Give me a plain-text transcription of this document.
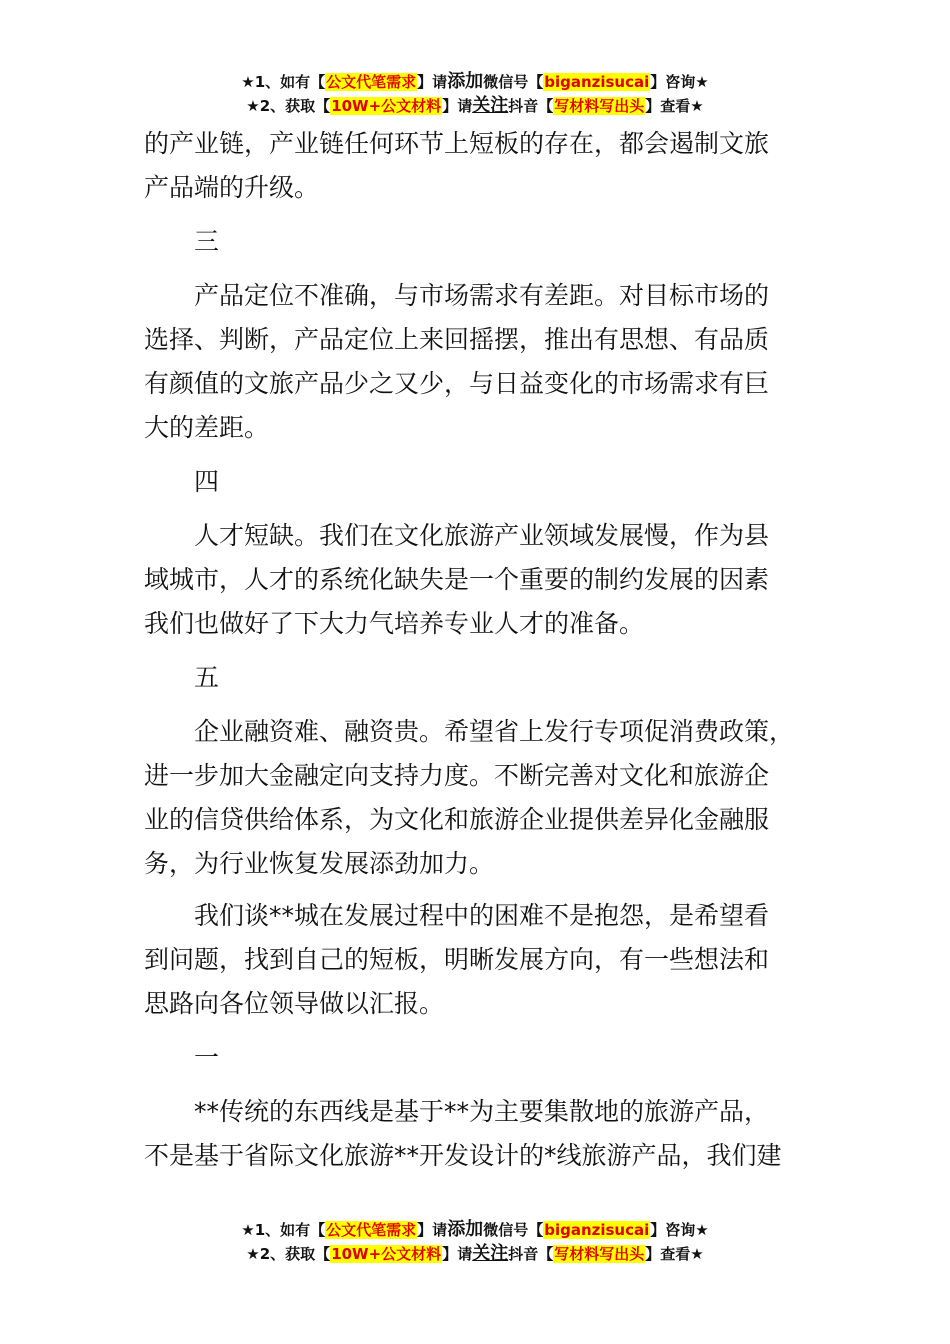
★1、如有【公文代笔需求】请添加微信号【biganzisucai】咨询★
★2、获取【10W+公文材料】请关注抖音【写材料写出头】查看★

的产业链，产业链任何环节上短板的存在，都会遏制文旅
产品端的升级。

三

产品定位不准确，与市场需求有差距。对目标市场的
选择、判断，产品定位上来回摇摆，推出有思想、有品质
有颜值的文旅产品少之又少，与日益变化的市场需求有巨
大的差距。

四

人才短缺。我们在文化旅游产业领域发展慢，作为县
域城市，人才的系统化缺失是一个重要的制约发展的因素
我们也做好了下大力气培养专业人才的准备。

五

企业融资难、融资贵。希望省上发行专项促消费政策，
进一步加大金融定向支持力度。不断完善对文化和旅游企
业的信贷供给体系，为文化和旅游企业提供差异化金融服
务，为行业恢复发展添劲加力。

我们谈**城在发展过程中的困难不是抱怨，是希望看
到问题，找到自己的短板，明晰发展方向，有一些想法和
思路向各位领导做以汇报。

一

**传统的东西线是基于**为主要集散地的旅游产品，
不是基于省际文化旅游**开发设计的*线旅游产品，我们建

★1、如有【公文代笔需求】请添加微信号【biganzisucai】咨询★
★2、获取【10W+公文材料】请关注抖音【写材料写出头】查看★
